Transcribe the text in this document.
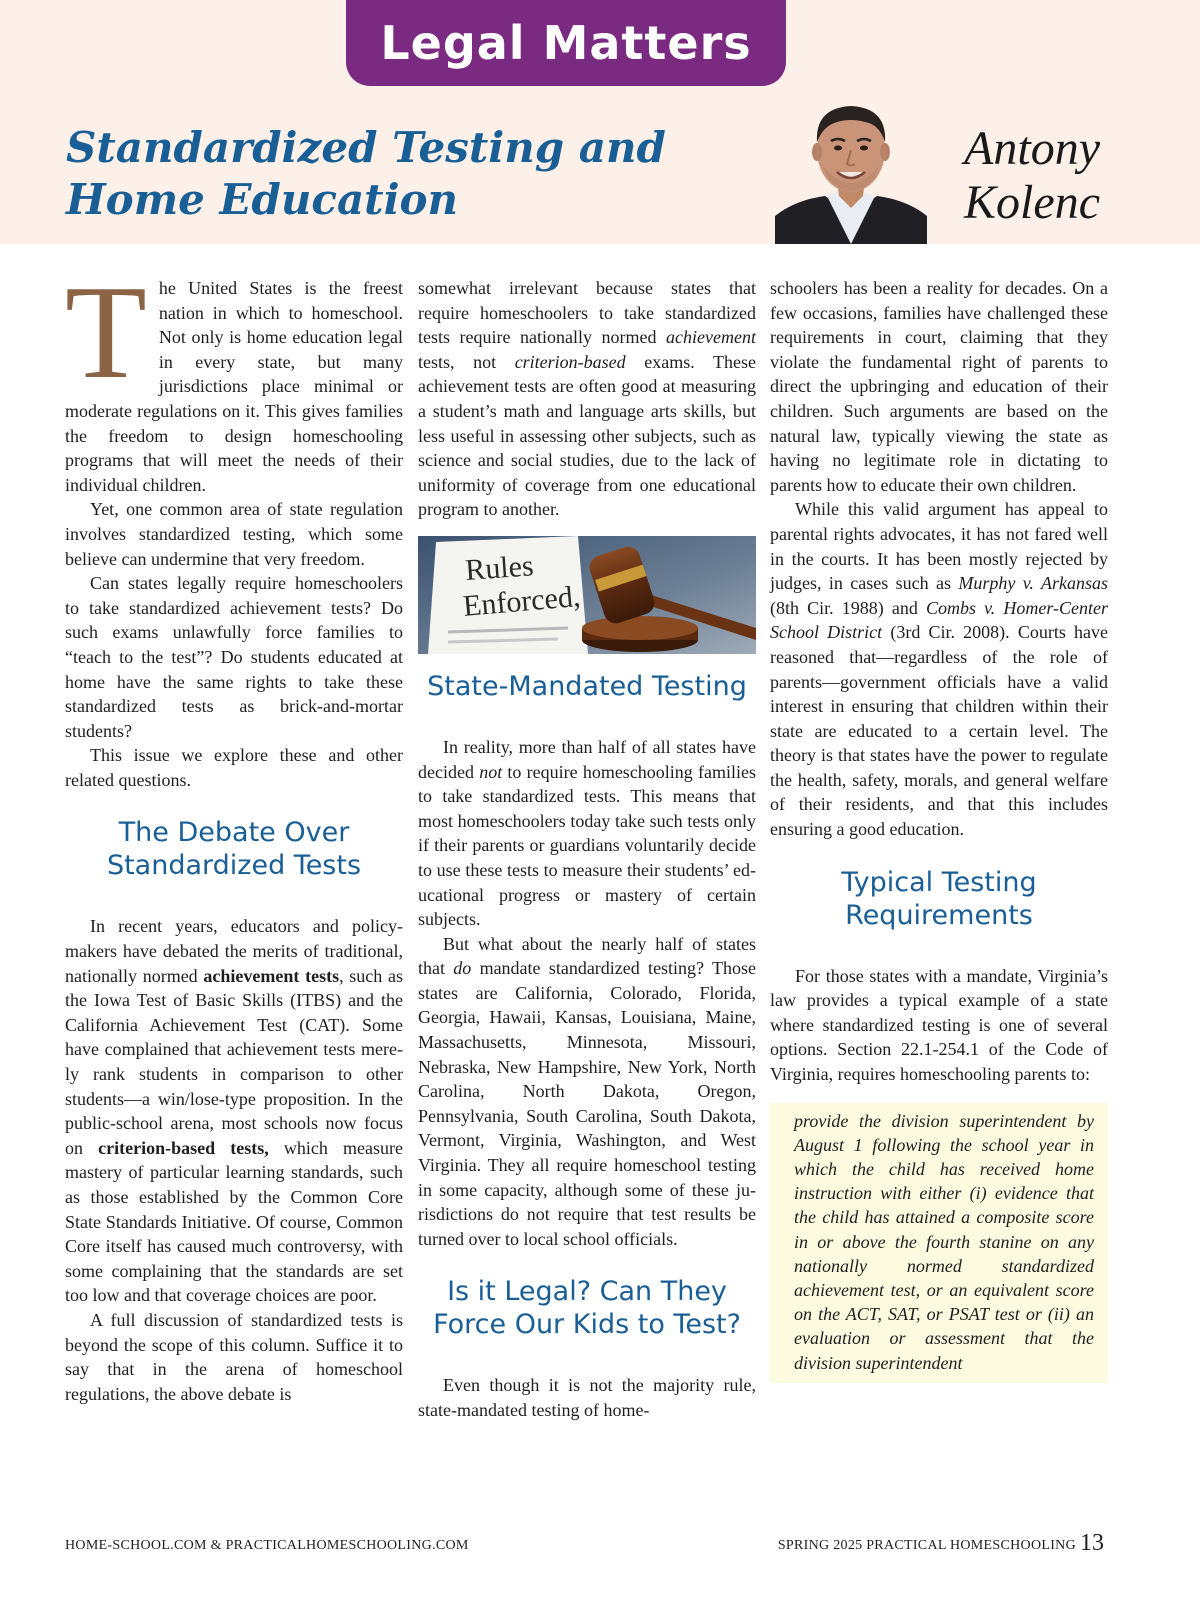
Legal Matters
Standardized Testing and
Home Education
Antony
Kolenc

The United States is the freest nation in which to homeschool. Not only is home education legal in every state, but many jurisdictions place minimal or moderate regulations on it. This gives families the freedom to design homeschooling programs that will meet the needs of their individual children.

Yet, one common area of state regulation involves standardized testing, which some believe can undermine that very freedom.

Can states legally require homeschoolers to take standardized achievement tests? Do such exams unlawfully force families to “teach to the test”? Do students educated at home have the same rights to take these standardized tests as brick-and-mortar students?

This issue we explore these and other related questions.

The Debate Over
Standardized Tests

In recent years, educators and policymakers have debated the merits of traditional, nationally normed achievement tests, such as the Iowa Test of Basic Skills (ITBS) and the California Achievement Test (CAT). Some have complained that achievement tests merely rank students in comparison to other students—a win/lose-type proposition. In the public-school arena, most schools now focus on criterion-based tests, which measure mastery of particular learning standards, such as those established by the Common Core State Standards Initiative. Of course, Common Core itself has caused much controversy, with some complaining that the standards are set too low and that coverage choices are poor.

A full discussion of standardized tests is beyond the scope of this column. Suffice it to say that in the arena of homeschool regulations, the above debate is

somewhat irrelevant because states that require homeschoolers to take standardized tests require nationally normed achievement tests, not criterion-based exams. These achievement tests are often good at measuring a student’s math and language arts skills, but less useful in assessing other subjects, such as science and social studies, due to the lack of uniformity of coverage from one educational program to another.

Rules
Enforced,
State-Mandated Testing

In reality, more than half of all states have decided not to require homeschooling families to take standardized tests. This means that most homeschoolers today take such tests only if their parents or guardians voluntarily decide to use these tests to measure their students’ educational progress or mastery of certain subjects.

But what about the nearly half of states that do mandate standardized testing? Those states are California, Colorado, Florida, Georgia, Hawaii, Kansas, Louisiana, Maine, Massachusetts, Minnesota, Missouri, Nebraska, New Hampshire, New York, North Carolina, North Dakota, Oregon, Pennsylvania, South Carolina, South Dakota, Vermont, Virginia, Washington, and West Virginia. They all require homeschool testing in some capacity, although some of these jurisdictions do not require that test results be turned over to local school officials.

Is it Legal? Can They
Force Our Kids to Test?

Even though it is not the majority rule, state-mandated testing of home-

schoolers has been a reality for decades. On a few occasions, families have challenged these requirements in court, claiming that they violate the fundamental right of parents to direct the upbringing and education of their children. Such arguments are based on the natural law, typically viewing the state as having no legitimate role in dictating to parents how to educate their own children.

While this valid argument has appeal to parental rights advocates, it has not fared well in the courts. It has been mostly rejected by judges, in cases such as Murphy v. Arkansas (8th Cir. 1988) and Combs v. Homer-Center School District (3rd Cir. 2008). Courts have reasoned that—regardless of the role of parents—government officials have a valid interest in ensuring that children within their state are educated to a certain level. The theory is that states have the power to regulate the health, safety, morals, and general welfare of their residents, and that this includes ensuring a good education.

Typical Testing
Requirements

For those states with a mandate, Virginia’s law provides a typical example of a state where standardized testing is one of several options. Section 22.1-254.1 of the Code of Virginia, requires homeschooling parents to:

provide the division superintendent by August 1 following the school year in which the child has received home instruction with either (i) evidence that the child has attained a composite score in or above the fourth stanine on any nationally normed standardized achievement test, or an equivalent score on the ACT, SAT, or PSAT test or (ii) an evaluation or assessment that the division superintendent
HOME-SCHOOL.COM & PRACTICALHOMESCHOOLING.COM	SPRING 2025 PRACTICAL HOMESCHOOLING 13
